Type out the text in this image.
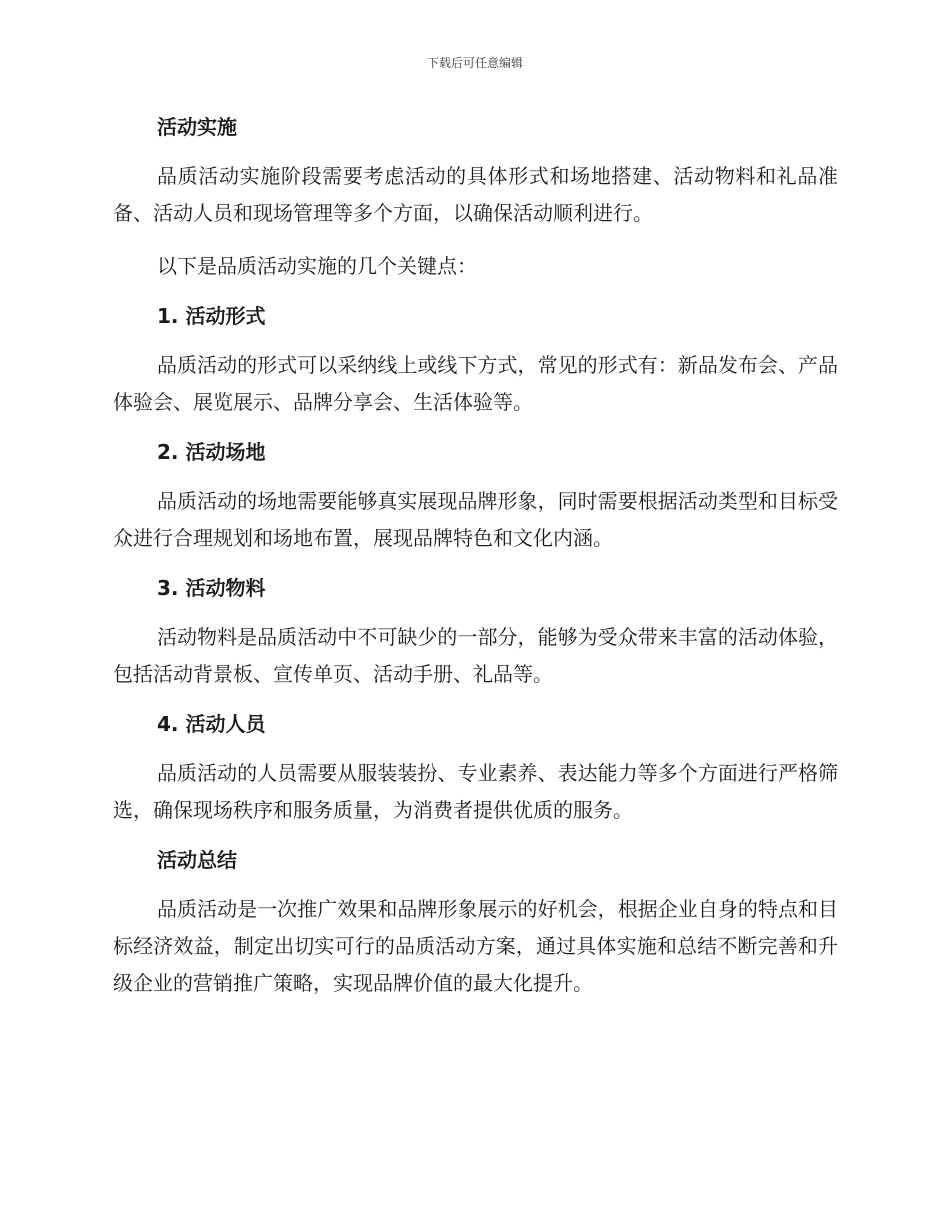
下载后可任意编辑
活动实施

品质活动实施阶段需要考虑活动的具体形式和场地搭建、活动物料和礼品准备、活动人员和现场管理等多个方面，以确保活动顺利进行。

以下是品质活动实施的几个关键点：

1. 活动形式

品质活动的形式可以采纳线上或线下方式，常见的形式有：新品发布会、产品体验会、展览展示、品牌分享会、生活体验等。

2. 活动场地

品质活动的场地需要能够真实展现品牌形象，同时需要根据活动类型和目标受众进行合理规划和场地布置，展现品牌特色和文化内涵。

3. 活动物料

活动物料是品质活动中不可缺少的一部分，能够为受众带来丰富的活动体验，包括活动背景板、宣传单页、活动手册、礼品等。

4. 活动人员

品质活动的人员需要从服装装扮、专业素养、表达能力等多个方面进行严格筛选，确保现场秩序和服务质量，为消费者提供优质的服务。

活动总结

品质活动是一次推广效果和品牌形象展示的好机会，根据企业自身的特点和目标经济效益，制定出切实可行的品质活动方案，通过具体实施和总结不断完善和升级企业的营销推广策略，实现品牌价值的最大化提升。
